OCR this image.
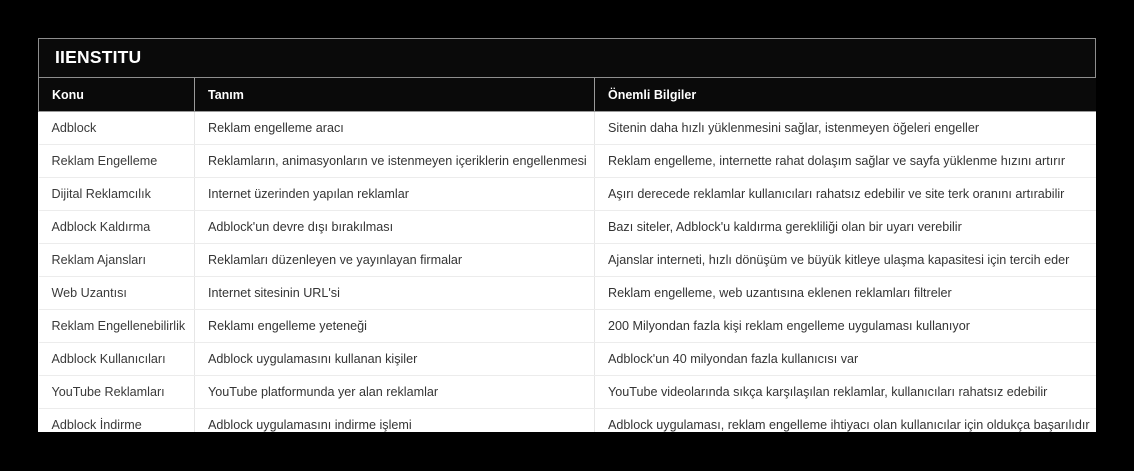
IIENSTITU
Konu	Tanım	Önemli Bilgiler
Adblock	Reklam engelleme aracı	Sitenin daha hızlı yüklenmesini sağlar, istenmeyen öğeleri engeller
Reklam Engelleme	Reklamların, animasyonların ve istenmeyen içeriklerin engellenmesi	Reklam engelleme, internette rahat dolaşım sağlar ve sayfa yüklenme hızını artırır
Dijital Reklamcılık	Internet üzerinden yapılan reklamlar	Aşırı derecede reklamlar kullanıcıları rahatsız edebilir ve site terk oranını artırabilir
Adblock Kaldırma	Adblock'un devre dışı bırakılması	Bazı siteler, Adblock'u kaldırma gerekliliği olan bir uyarı verebilir
Reklam Ajansları	Reklamları düzenleyen ve yayınlayan firmalar	Ajanslar interneti, hızlı dönüşüm ve büyük kitleye ulaşma kapasitesi için tercih eder
Web Uzantısı	Internet sitesinin URL'si	Reklam engelleme, web uzantısına eklenen reklamları filtreler
Reklam Engellenebilirlik	Reklamı engelleme yeteneği	200 Milyondan fazla kişi reklam engelleme uygulaması kullanıyor
Adblock Kullanıcıları	Adblock uygulamasını kullanan kişiler	Adblock'un 40 milyondan fazla kullanıcısı var
YouTube Reklamları	YouTube platformunda yer alan reklamlar	YouTube videolarında sıkça karşılaşılan reklamlar, kullanıcıları rahatsız edebilir
Adblock İndirme	Adblock uygulamasını indirme işlemi	Adblock uygulaması, reklam engelleme ihtiyacı olan kullanıcılar için oldukça başarılıdır
